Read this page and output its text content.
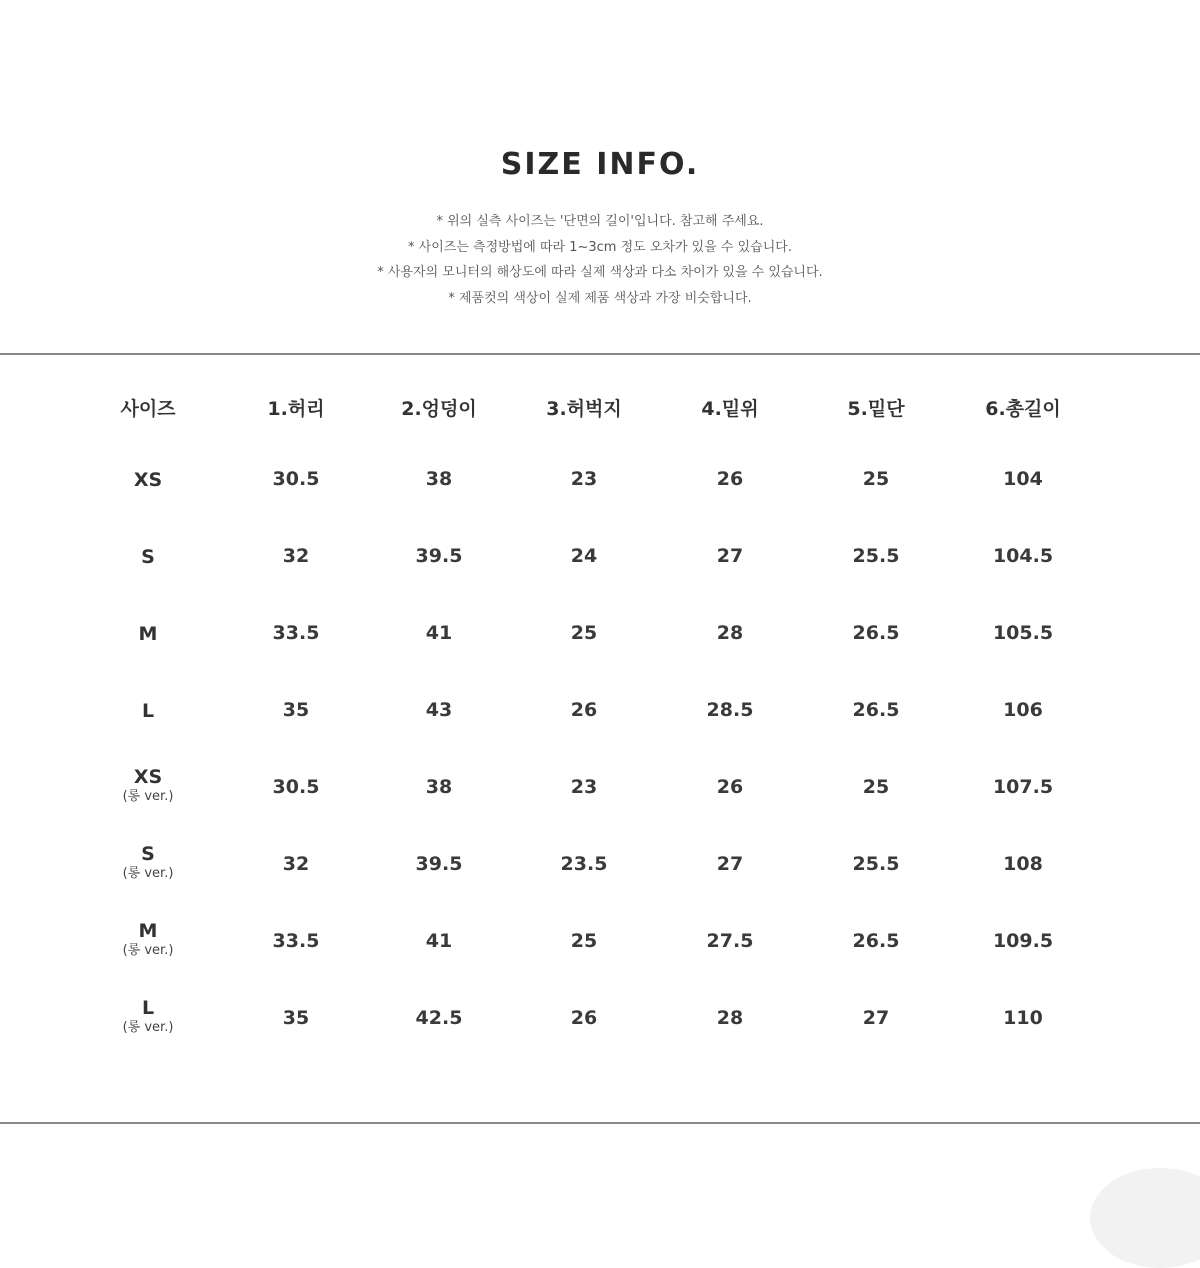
SIZE INFO.
* 위의 실측 사이즈는 '단면의 길이'입니다. 참고해 주세요.
* 사이즈는 측정방법에 따라 1~3cm 정도 오차가 있을 수 있습니다.
* 사용자의 모니터의 해상도에 따라 실제 색상과 다소 차이가 있을 수 있습니다.
* 제품컷의 색상이 실제 제품 색상과 가장 비슷합니다.
사이즈	1.허리	2.엉덩이	3.허벅지	4.밑위	5.밑단	6.총길이
XS	30.5	38	23	26	25	104
S	32	39.5	24	27	25.5	104.5
M	33.5	41	25	28	26.5	105.5
L	35	43	26	28.5	26.5	106
XS
(롱 ver.)	30.5	38	23	26	25	107.5
S
(롱 ver.)	32	39.5	23.5	27	25.5	108
M
(롱 ver.)	33.5	41	25	27.5	26.5	109.5
L
(롱 ver.)	35	42.5	26	28	27	110
